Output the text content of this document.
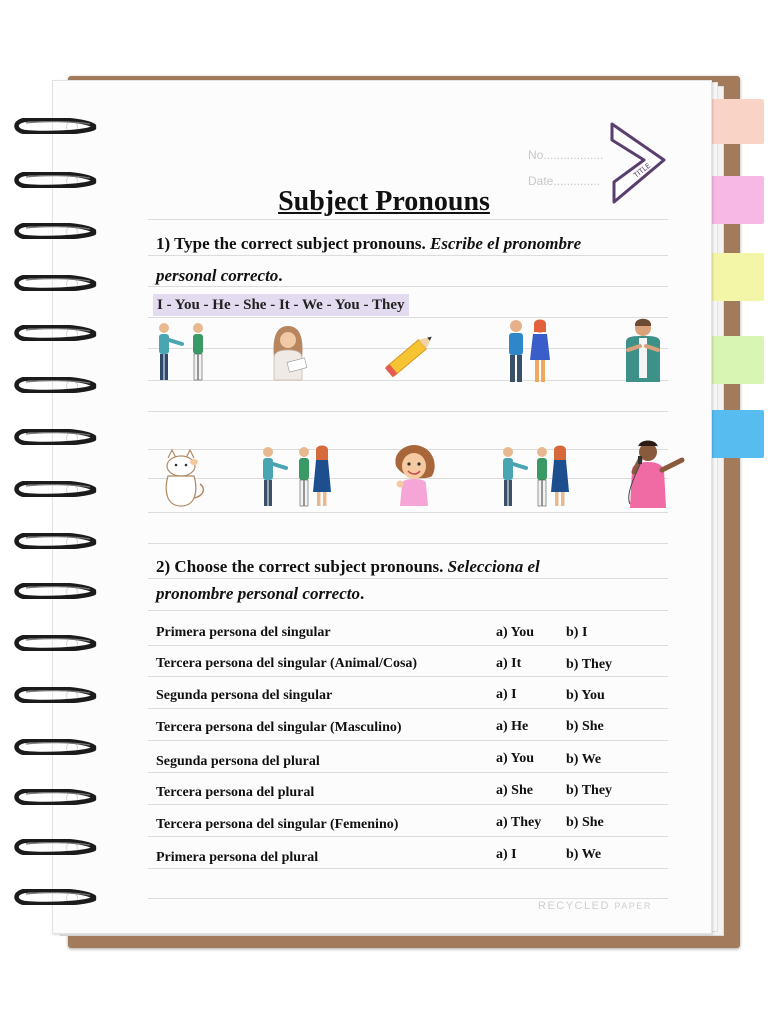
No..................
Date..............
TITLE
Subject Pronouns
1) Type the correct subject pronouns. Escribe el pronombre
personal correcto.
I - You - He - She - It - We - You - They
2) Choose the correct subject pronouns. Selecciona el
pronombre personal correcto.
Primera persona del singular	a) You b) I
Tercera persona del singular (Animal/Cosa)	a) It	b) They
Segunda persona del singular	a) I	b) You
Tercera persona del singular (Masculino)	a) He	b) She
Segunda persona del plural	a) You b) We
Tercera persona del plural	a) She b) They
Tercera persona del singular (Femenino)	a) They b) She
Primera persona del plural	a) I	b) We
RECYCLED PAPER
